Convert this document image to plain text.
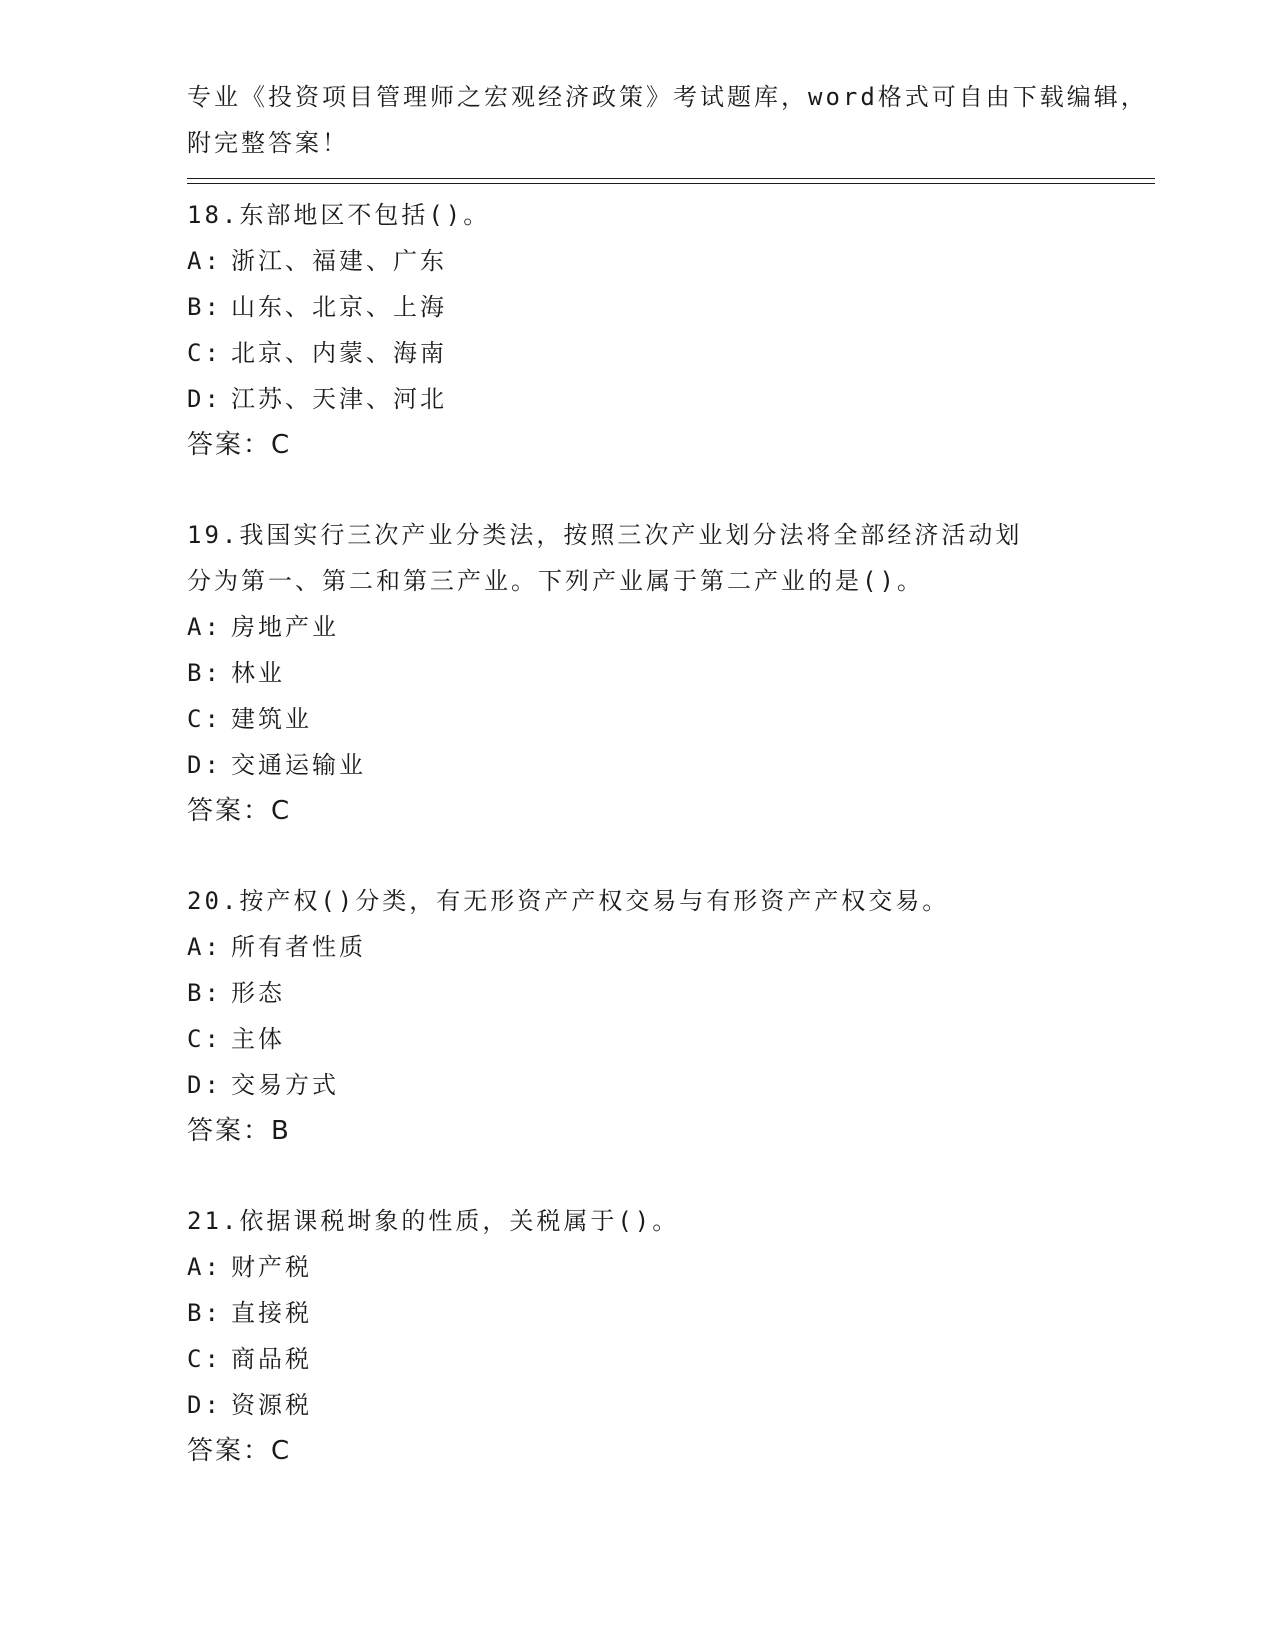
专业《投资项目管理师之宏观经济政策》考试题库，word格式可自由下载编辑，
附完整答案！
18.东部地区不包括()。
A: 浙江、福建、广东
B: 山东、北京、上海
C: 北京、内蒙、海南
D: 江苏、天津、河北
答案：C
19.我国实行三次产业分类法，按照三次产业划分法将全部经济活动划
分为第一、第二和第三产业。下列产业属于第二产业的是()。
A: 房地产业
B: 林业
C: 建筑业
D: 交通运输业
答案：C
20.按产权()分类，有无形资产产权交易与有形资产产权交易。
A: 所有者性质
B: 形态
C: 主体
D: 交易方式
答案：B
21.依据课税埘象的性质，关税属于()。
A: 财产税
B: 直接税
C: 商品税
D: 资源税
答案：C
